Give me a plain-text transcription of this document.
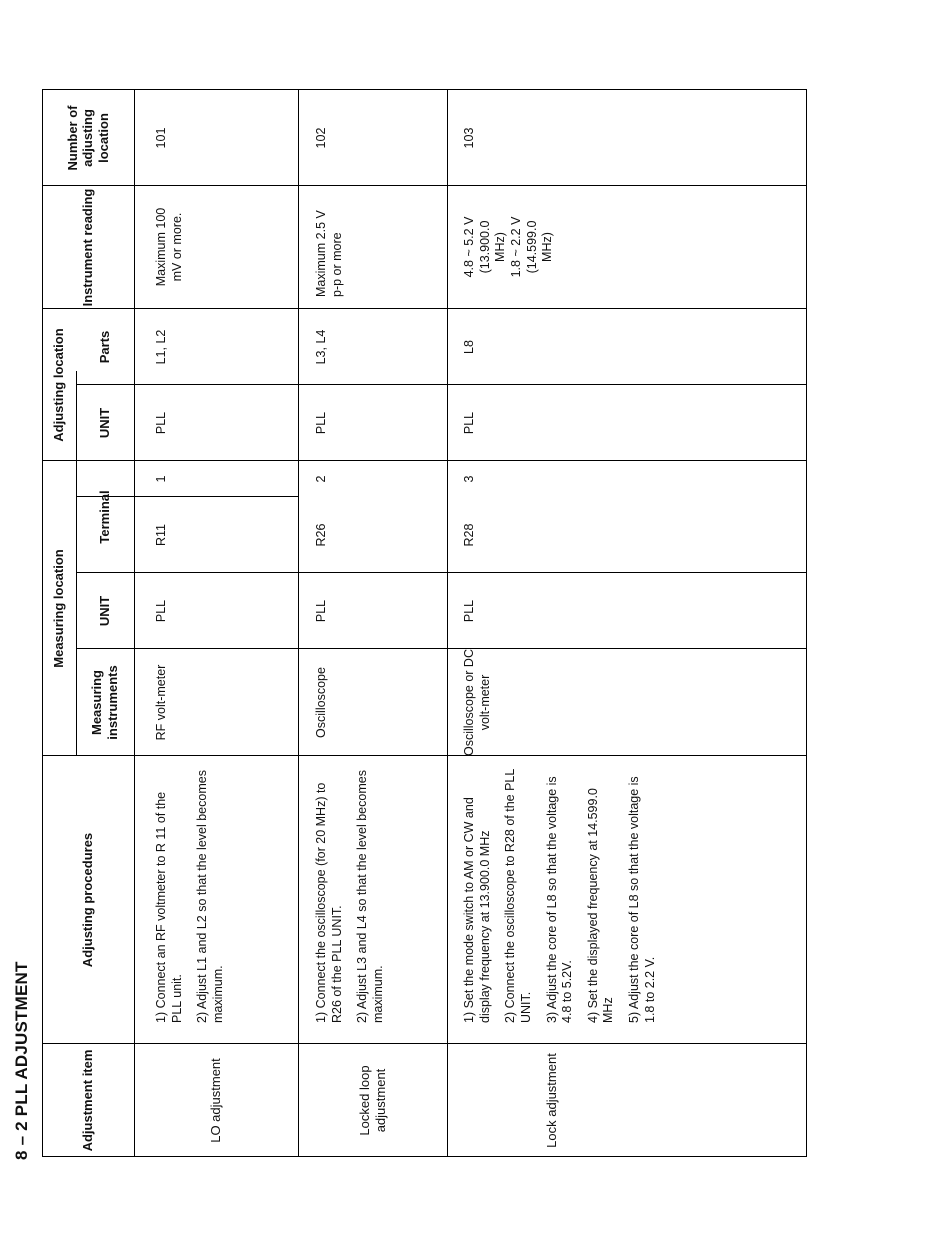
8 – 2 PLL ADJUSTMENT	Adjustment item
Adjusting procedures
Measuring location
Measuring instruments
UNIT
Terminal
Adjusting location	UNIT
Parts
Instrument reading
Number of adjusting location
LO adjustment

1) Connect an RF voltmeter to R 11 of the PLL unit. 2) Adjust L1 and L2 so that the level becomes maximum.

RF volt-meter
PLL
R11
1
PLL
L1, L2
Maximum 100 mV or more.
101
Locked loop adjustment

1) Connect the oscilloscope (for 20 MHz) to R26 of the PLL UNIT. 2) Adjust L3 and L4 so that the level becomes maximum.

Oscilloscope
PLL
R26
2
PLL
L3, L4
Maximum 2.5 V p-p or more
102
Lock adjustment

1) Set the mode switch to AM or CW and display frequency at 13.900.0 MHz 2) Connect the oscilloscope to R28 of the PLL UNIT. 3) Adjust the core of L8 so that the voltage is 4.8 to 5.2V. 4) Set the displayed frequency at 14.599.0 MHz 5) Adjust the core of L8 so that the voltage is 1.8 to 2.2 V.

Oscilloscope or DC volt-meter
PLL
R28
3
PLL
L8
4.8 ~ 5.2 V (13.900.0 MHz) 1.8 ~ 2.2 V (14.599.0 MHz)
103
